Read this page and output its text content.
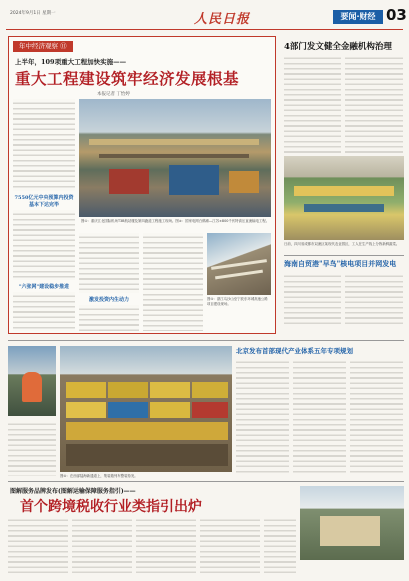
2024年9月1日 星期一	人民日报	要闻·财经 03
年中经济观察 ⑪
上半年，109项重大工程加快实施——
重大工程建设筑牢经济发展根基
本报记者 丁怡婷
7550亿元中央预算内投资基本下达完毕
"六张网"建设稳步推进
图①：重庆江北国际机场T3B航站楼及第四跑道工程施工现场。图②：国家电网白鹤滩—江苏±800千伏特高压直流输电工程。
激发投资内生动力	图③：浙江乌沙山至宁波东环城高速公路项目建设现场。
4部门发文健全金融机构治理
日前，四川省成都市双流区某现代农业园区，工人在生产线上分拣新鲜蔬菜。
海南自贸港"早鸟"核电项目并网发电
北京发布首部现代产业体系五年专项规划
图④：在西部陆海新通道上，集装箱列车整装待发。
图解服务品牌发布(图解运输保障服务指引)——
首个跨境税收行业类指引出炉
